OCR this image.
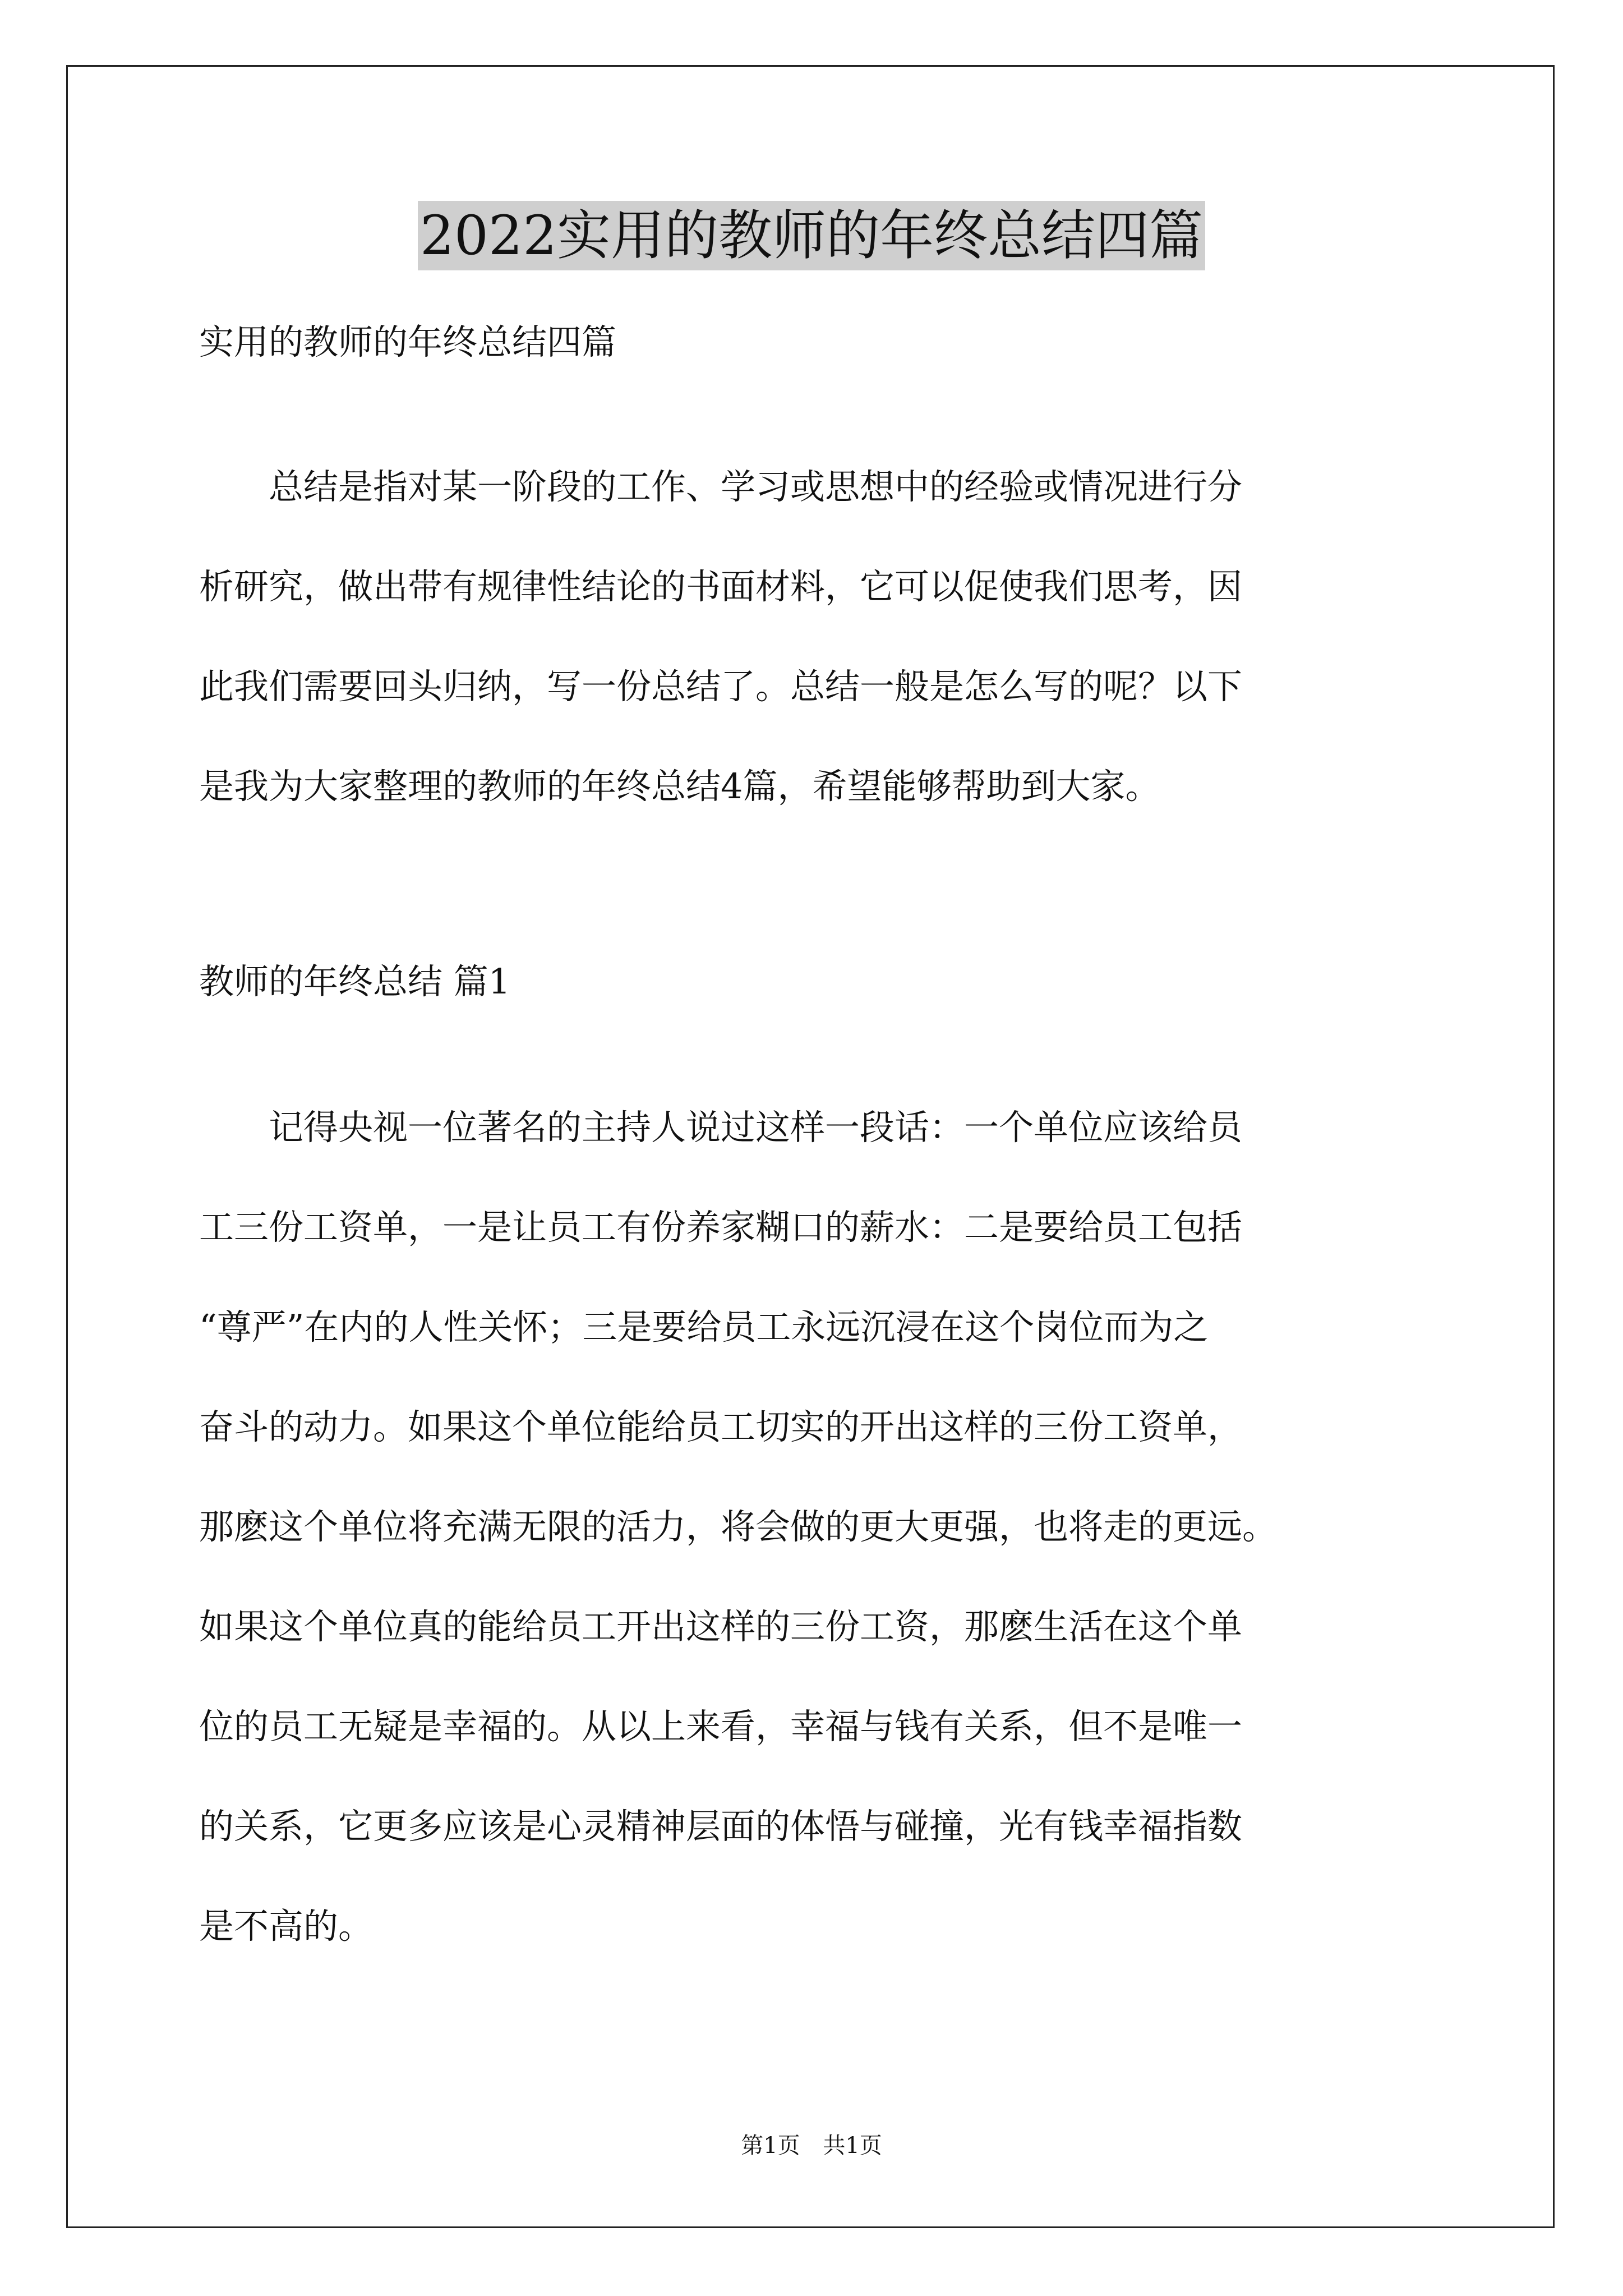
2022实用的教师的年终总结四篇
实用的教师的年终总结四篇
　　总结是指对某一阶段的工作、学习或思想中的经验或情况进行分
析研究，做出带有规律性结论的书面材料，它可以促使我们思考，因
此我们需要回头归纳，写一份总结了。总结一般是怎么写的呢？以下
是我为大家整理的教师的年终总结4篇，希望能够帮助到大家。
教师的年终总结 篇1
　　记得央视一位著名的主持人说过这样一段话：一个单位应该给员
工三份工资单，一是让员工有份养家糊口的薪水：二是要给员工包括
“尊严”在内的人性关怀；三是要给员工永远沉浸在这个岗位而为之
奋斗的动力。如果这个单位能给员工切实的开出这样的三份工资单，
那麽这个单位将充满无限的活力，将会做的更大更强，也将走的更远。
如果这个单位真的能给员工开出这样的三份工资，那麽生活在这个单
位的员工无疑是幸福的。从以上来看，幸福与钱有关系，但不是唯一
的关系，它更多应该是心灵精神层面的体悟与碰撞，光有钱幸福指数
是不高的。
第1页 共1页
